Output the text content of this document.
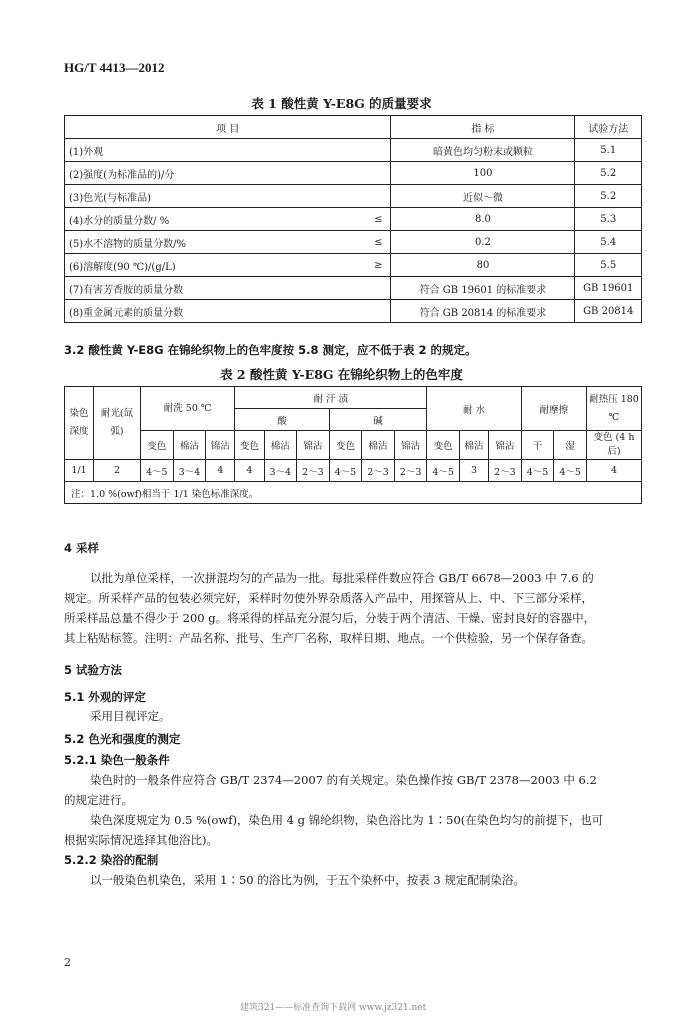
HG/T 4413—2012
表 1 酸性黄 Y-E8G 的质量要求
项 目		指 标	试验方法
(1)外观		暗黄色均匀粉末或颗粒	5.1
(2)强度(为标准品的)/分		100	5.2
(3)色光(与标准品)		近似～微	5.2
(4)水分的质量分数/ %	≤	8.0	5.3
(5)水不溶物的质量分数/%	≤	0.2	5.4
(6)溶解度(90 ℃)/(g/L)	≥	80	5.5
(7)有害芳香胺的质量分数		符合 GB 19601 的标准要求	GB 19601
(8)重金属元素的质量分数		符合 GB 20814 的标准要求	GB 20814
3.2 酸性黄 Y-E8G 在锦纶织物上的色牢度按 5.8 测定，应不低于表 2 的规定。
表 2 酸性黄 Y-E8G 在锦纶织物上的色牢度
染色深度	耐光(氙弧)	耐洗 50 ℃			耐 汗 渍						耐 水			耐摩擦		耐热压 180 ℃
					酸			碱								
		变色	棉沾	锦沾	变色	棉沾	锦沾	变色	棉沾	锦沾	变色	棉沾	锦沾	干	湿	变色 (4 h后)
1/1	2	4～5	3～4	4	4	3～4	2～3	4～5	2～3	2～3	4～5	3	2～3	4～5	4～5	4
注：1.0 %(owf)相当于 1/1 染色标准深度。																
4 采样
以批为单位采样，一次拼混均匀的产品为一批。每批采样件数应符合 GB/T 6678—2003 中 7.6 的
规定。所采样产品的包装必须完好，采样时勿使外界杂质落入产品中，用探管从上、中、下三部分采样，
所采样品总量不得少于 200 g。将采得的样品充分混匀后，分装于两个清洁、干燥、密封良好的容器中，
其上粘贴标签。注明：产品名称、批号、生产厂名称，取样日期、地点。一个供检验，另一个保存备查。
5 试验方法
5.1 外观的评定
采用目视评定。
5.2 色光和强度的测定
5.2.1 染色一般条件
染色时的一般条件应符合 GB/T 2374—2007 的有关规定。染色操作按 GB/T 2378—2003 中 6.2
的规定进行。
染色深度规定为 0.5 %(owf)，染色用 4 g 锦纶织物，染色浴比为 1∶50(在染色均匀的前提下，也可
根据实际情况选择其他浴比)。
5.2.2 染浴的配制
以一般染色机染色，采用 1∶50 的浴比为例，于五个染杯中，按表 3 规定配制染浴。
2
建筑321——标准查询下载网 www.jz321.net
